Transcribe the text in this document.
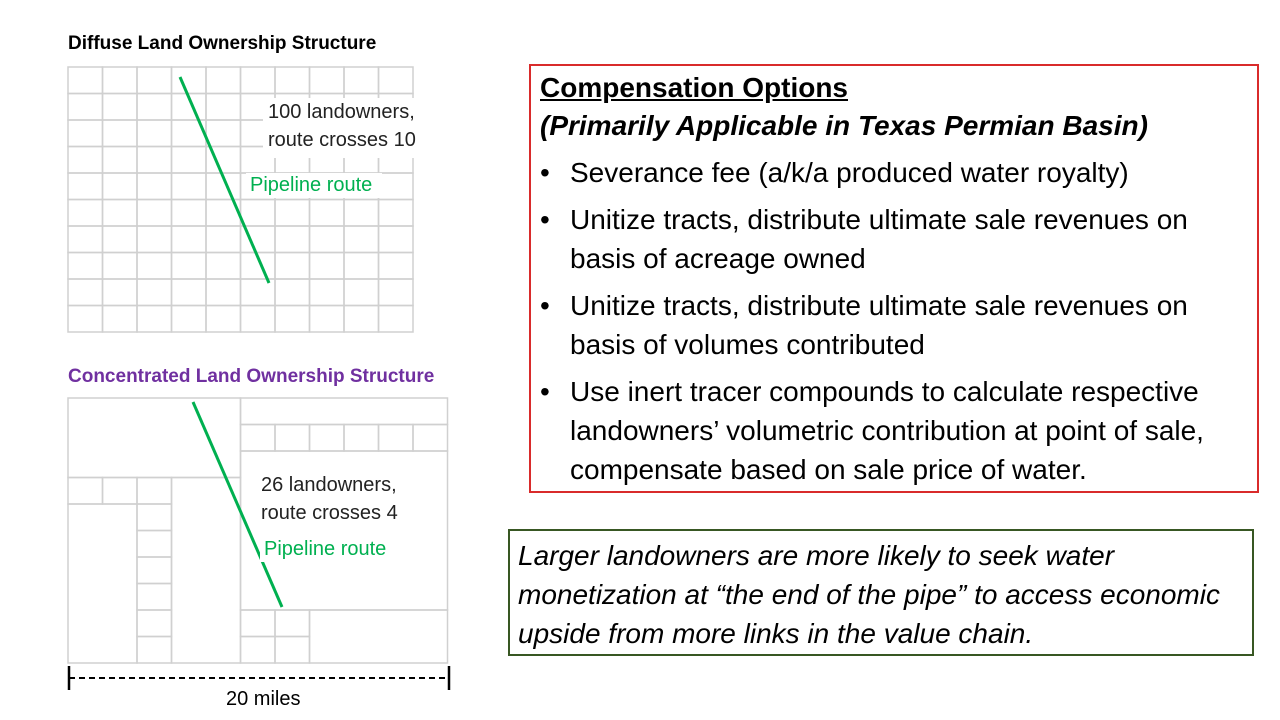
Diffuse Land Ownership Structure
Concentrated Land Ownership Structure
100 landowners,
route crosses 10
Pipeline route
26 landowners,
route crosses 4
Pipeline route
20 miles
Compensation Options
(Primarily Applicable in Texas Permian Basin)
• Severance fee (a/k/a produced water royalty)
• Unitize tracts, distribute ultimate sale revenues on basis of acreage owned
• Unitize tracts, distribute ultimate sale revenues on basis of volumes contributed
• Use inert tracer compounds to calculate respective landowners’ volumetric contribution at point of sale, compensate based on sale price of water.
Larger landowners are more likely to seek water monetization at “the end of the pipe” to access economic upside from more links in the value chain.
